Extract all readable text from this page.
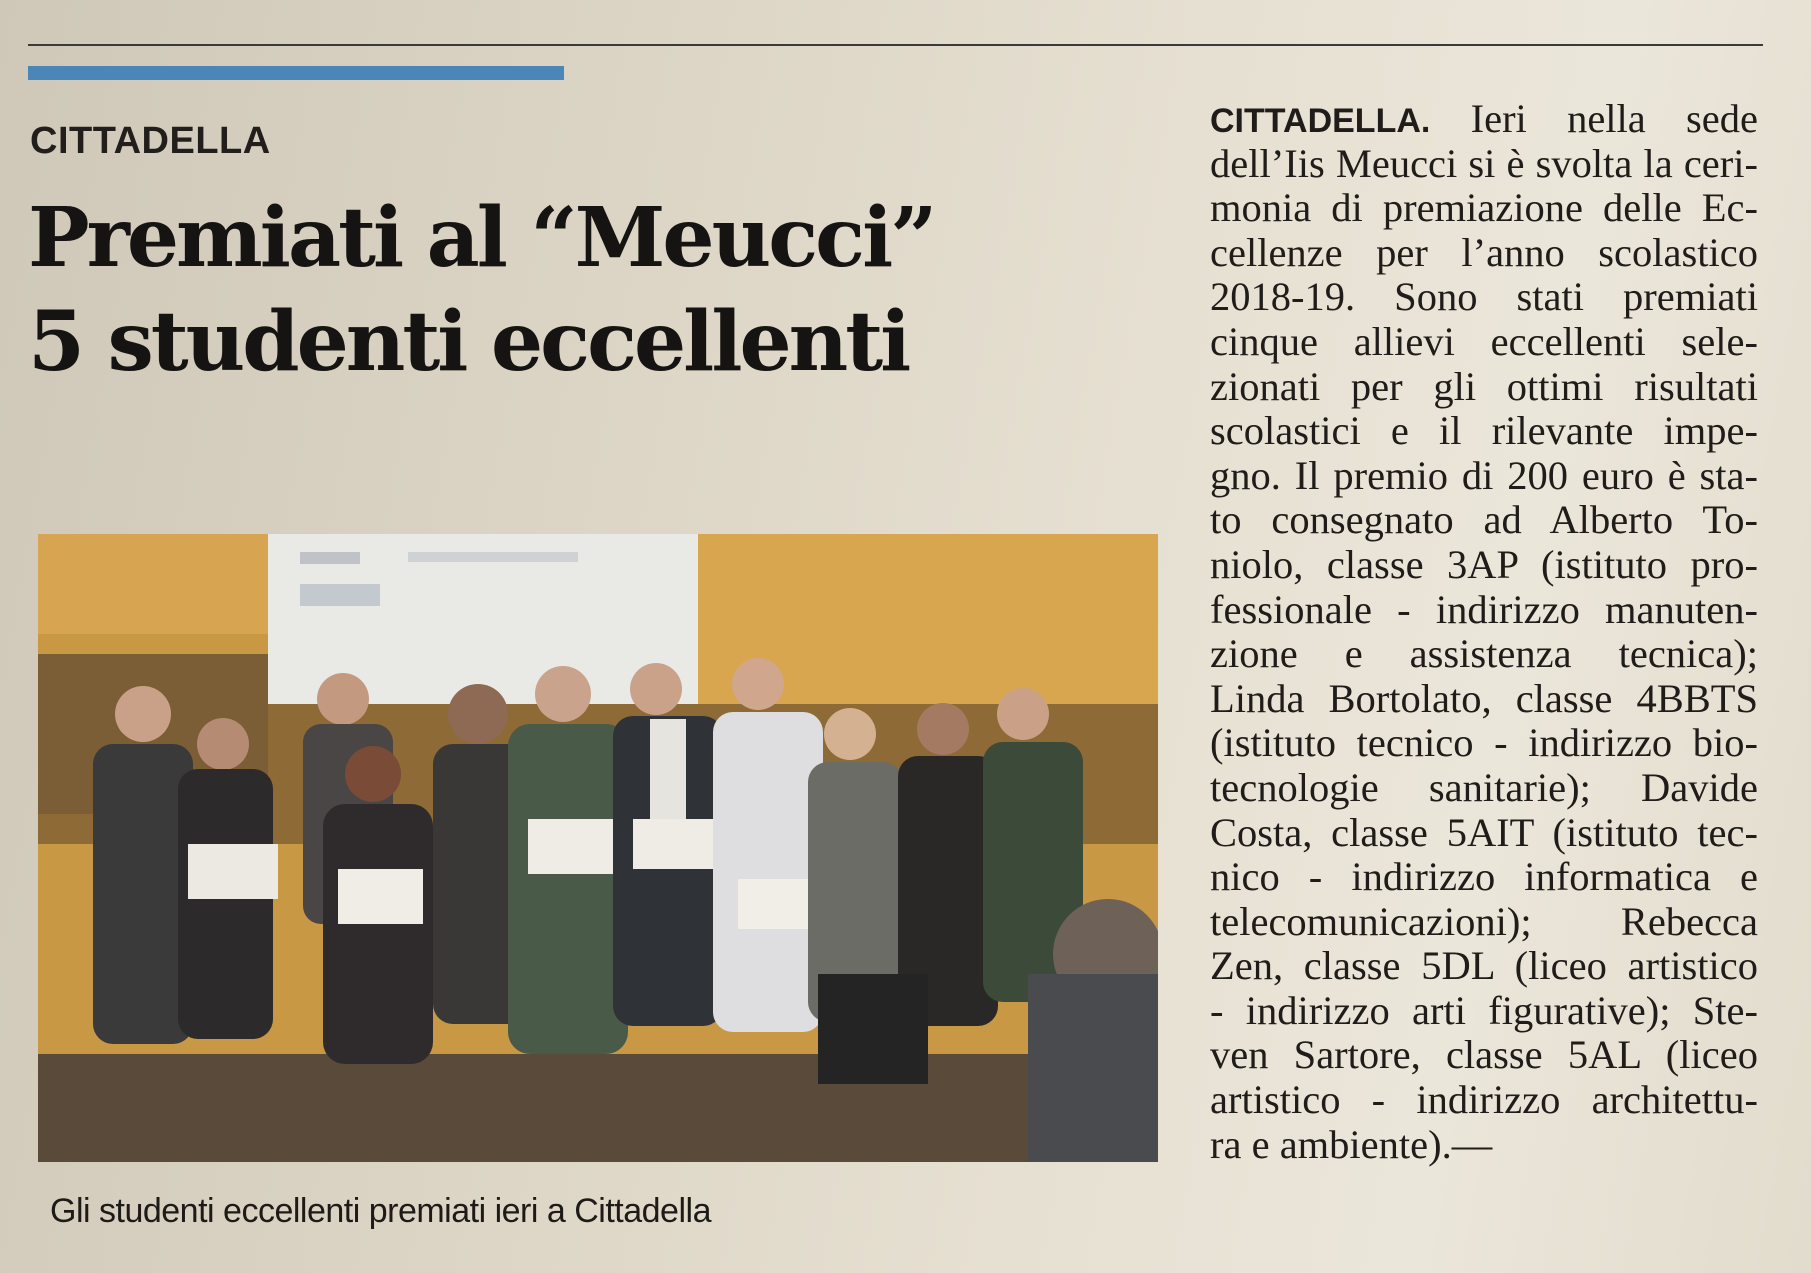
CITTADELLA
Premiati al “Meucci”
5 studenti eccellenti
Gli studenti eccellenti premiati ieri a Cittadella
CITTADELLA. Ieri nella sede
dell’Iis Meucci si è svolta la ceri-
monia di premiazione delle Ec-
cellenze per l’anno scolastico
2018-19. Sono stati premiati
cinque allievi eccellenti sele-
zionati per gli ottimi risultati
scolastici e il rilevante impe-
gno. Il premio di 200 euro è sta-
to consegnato ad Alberto To-
niolo, classe 3AP (istituto pro-
fessionale - indirizzo manuten-
zione e assistenza tecnica);
Linda Bortolato, classe 4BBTS
(istituto tecnico - indirizzo bio-
tecnologie sanitarie); Davide
Costa, classe 5AIT (istituto tec-
nico - indirizzo informatica e
telecomunicazioni); Rebecca
Zen, classe 5DL (liceo artistico
- indirizzo arti figurative); Ste-
ven Sartore, classe 5AL (liceo
artistico - indirizzo architettu-
ra e ambiente).—
